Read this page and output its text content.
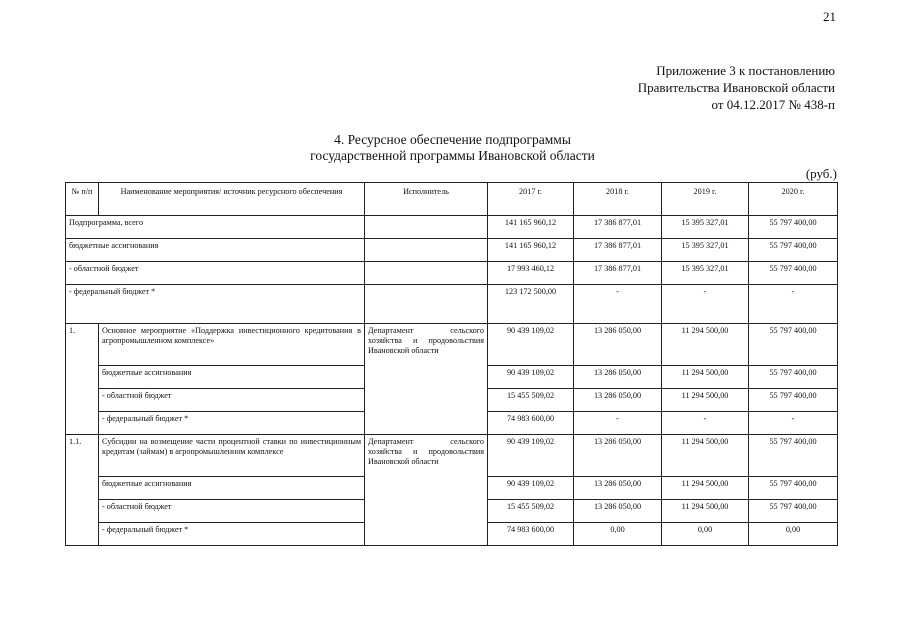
21
Приложение 3 к постановлению
Правительства Ивановской области
от 04.12.2017 № 438-п
4. Ресурсное обеспечение подпрограммы
государственной программы Ивановской области
(руб.)
№ п/п	Наименование мероприятия/ источник ресурсного обеспечения	Исполнитель	2017 г.	2018 г.	2019 г.	2020 г.
Подпрограмма, всего			141 165 960,12	17 386 877,01	15 395 327,01	55 797 400,00
бюджетные ассигнования			141 165 960,12	17 386 877,01	15 395 327,01	55 797 400,00
- областной бюджет			17 993 460,12	17 386 877,01	15 395 327,01	55 797 400,00
- федеральный бюджет *			123 172 500,00	-	-	-
1.	Основное мероприятие «Поддержка инвестиционного кредитования в агропромышленном комплексе»	Департамент сельского хозяйства и продовольствия Ивановской области	90 439 109,02	13 286 050,00	11 294 500,00	55 797 400,00
	бюджетные ассигнования		90 439 109,02	13 286 050,00	11 294 500,00	55 797 400,00
	- областной бюджет		15 455 509,02	13 286 050,00	11 294 500,00	55 797 400,00
	- федеральный бюджет *		74 983 600,00	-	-	-
1.1.	Субсидии на возмещение части процентной ставки по инвестиционным кредитам (займам) в агропромышленном комплексе	Департамент сельского хозяйства и продовольствия Ивановской области	90 439 109,02	13 286 050,00	11 294 500,00	55 797 400,00
	бюджетные ассигнования		90 439 109,02	13 286 050,00	11 294 500,00	55 797 400,00
	- областной бюджет		15 455 509,02	13 286 050,00	11 294 500,00	55 797 400,00
	- федеральный бюджет *		74 983 600,00	0,00	0,00	0,00
